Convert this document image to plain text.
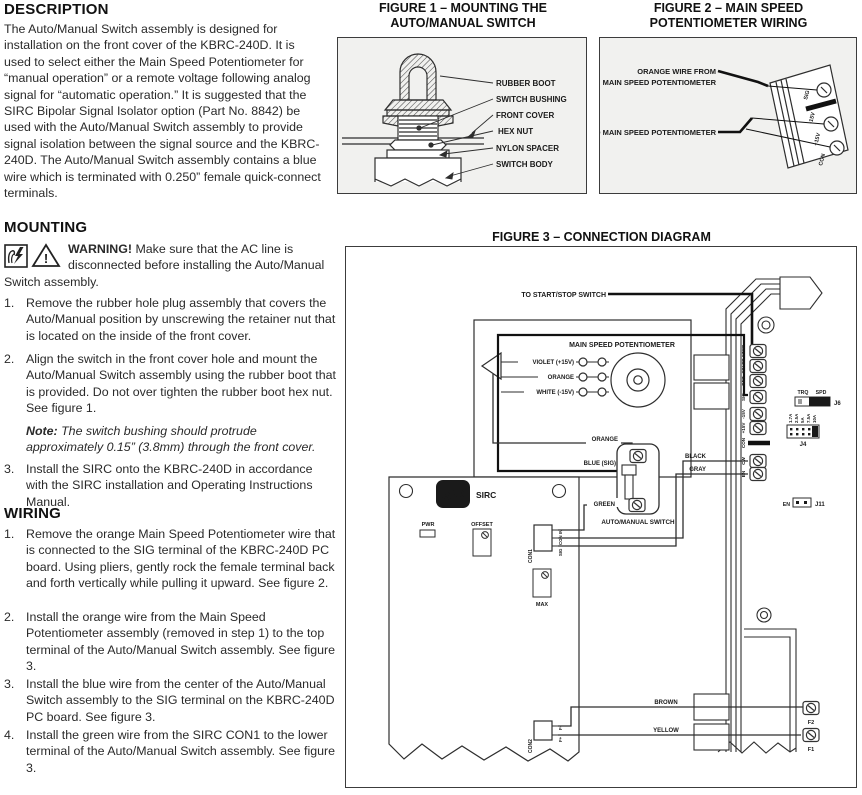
DESCRIPTION
The Auto/Manual Switch assembly is designed for installation on the front cover of the KBRC-240D. It is used to select either the Main Speed Potentiometer for “manual operation” or a remote voltage following analog signal for “automatic operation.” It is suggested that the SIRC Bipolar Signal Isolator option (Part No. 8842) be used with the Auto/Manual Switch assembly to provide signal isolation between the signal source and the KBRC-240D. The Auto/Manual Switch assembly contains a blue wire which is terminated with 0.250” female quick-connect terminals.
MOUNTING
!
WARNING! Make sure that the AC line is disconnected before installing the Auto/Manual Switch assembly.
1. Remove the rubber hole plug assembly that covers the Auto/Manual position by unscrewing the retainer nut that is located on the inside of the front cover.
2. Align the switch in the front cover hole and mount the Auto/Manual Switch assembly using the rubber boot that is provided. Do not over tighten the rubber boot hex nut. See figure 1.
Note: The switch bushing should protrude approximately 0.15” (3.8mm) through the front cover.
3. Install the SIRC onto the KBRC-240D in accordance with the SIRC installation and Operating Instructions Manual.
WIRING
1. Remove the orange Main Speed Potentiometer wire that is connected to the SIG terminal of the KBRC-240D PC board. Using pliers, gently rock the female terminal back and forth vertically while pulling it upward. See figure 2.
2. Install the orange wire from the Main Speed Potentiometer assembly (removed in step 1) to the top terminal of the Auto/Manual Switch assembly. See figure 3.
3. Install the blue wire from the center of the Auto/Manual Switch assembly to the SIG terminal on the KBRC-240D PC board. See figure 3.
4. Install the green wire from the SIRC CON1 to the lower terminal of the Auto/Manual Switch assembly. See figure 3.
FIGURE 1 – MOUNTING THE
AUTO/MANUAL SWITCH
RUBBER BOOT
SWITCH BUSHING
FRONT COVER
HEX NUT
NYLON SPACER
SWITCH BODY
FIGURE 2 – MAIN SPEED
POTENTIOMETER WIRING
ORANGE WIRE FROM
MAIN SPEED POTENTIOMETER
TO MAIN SPEED POTENTIOMETER
SIG
-15V
+15V
CON
FIGURE 3 – CONNECTION DIAGRAM
KB SIRC
PWR	OFFSET
MAX
IN
CON
SIG
CON1
F-
F+
CON2
STOP
START
RET
SIG
-15V
+15V
CON
CW
EN
F2
F1
TRQ SPD
J6
1.7A 2.5A 5A 7.5A 10A
J4
EN	J11
TO START/STOP SWITCH
MAIN SPEED POTENTIOMETER
VIOLET (+15V)
ORANGE
WHITE (-15V)
ORANGE
BLUE (SIG)
GREEN
BLACK
GRAY
BROWN
YELLOW
AUTO/MANUAL SWITCH
